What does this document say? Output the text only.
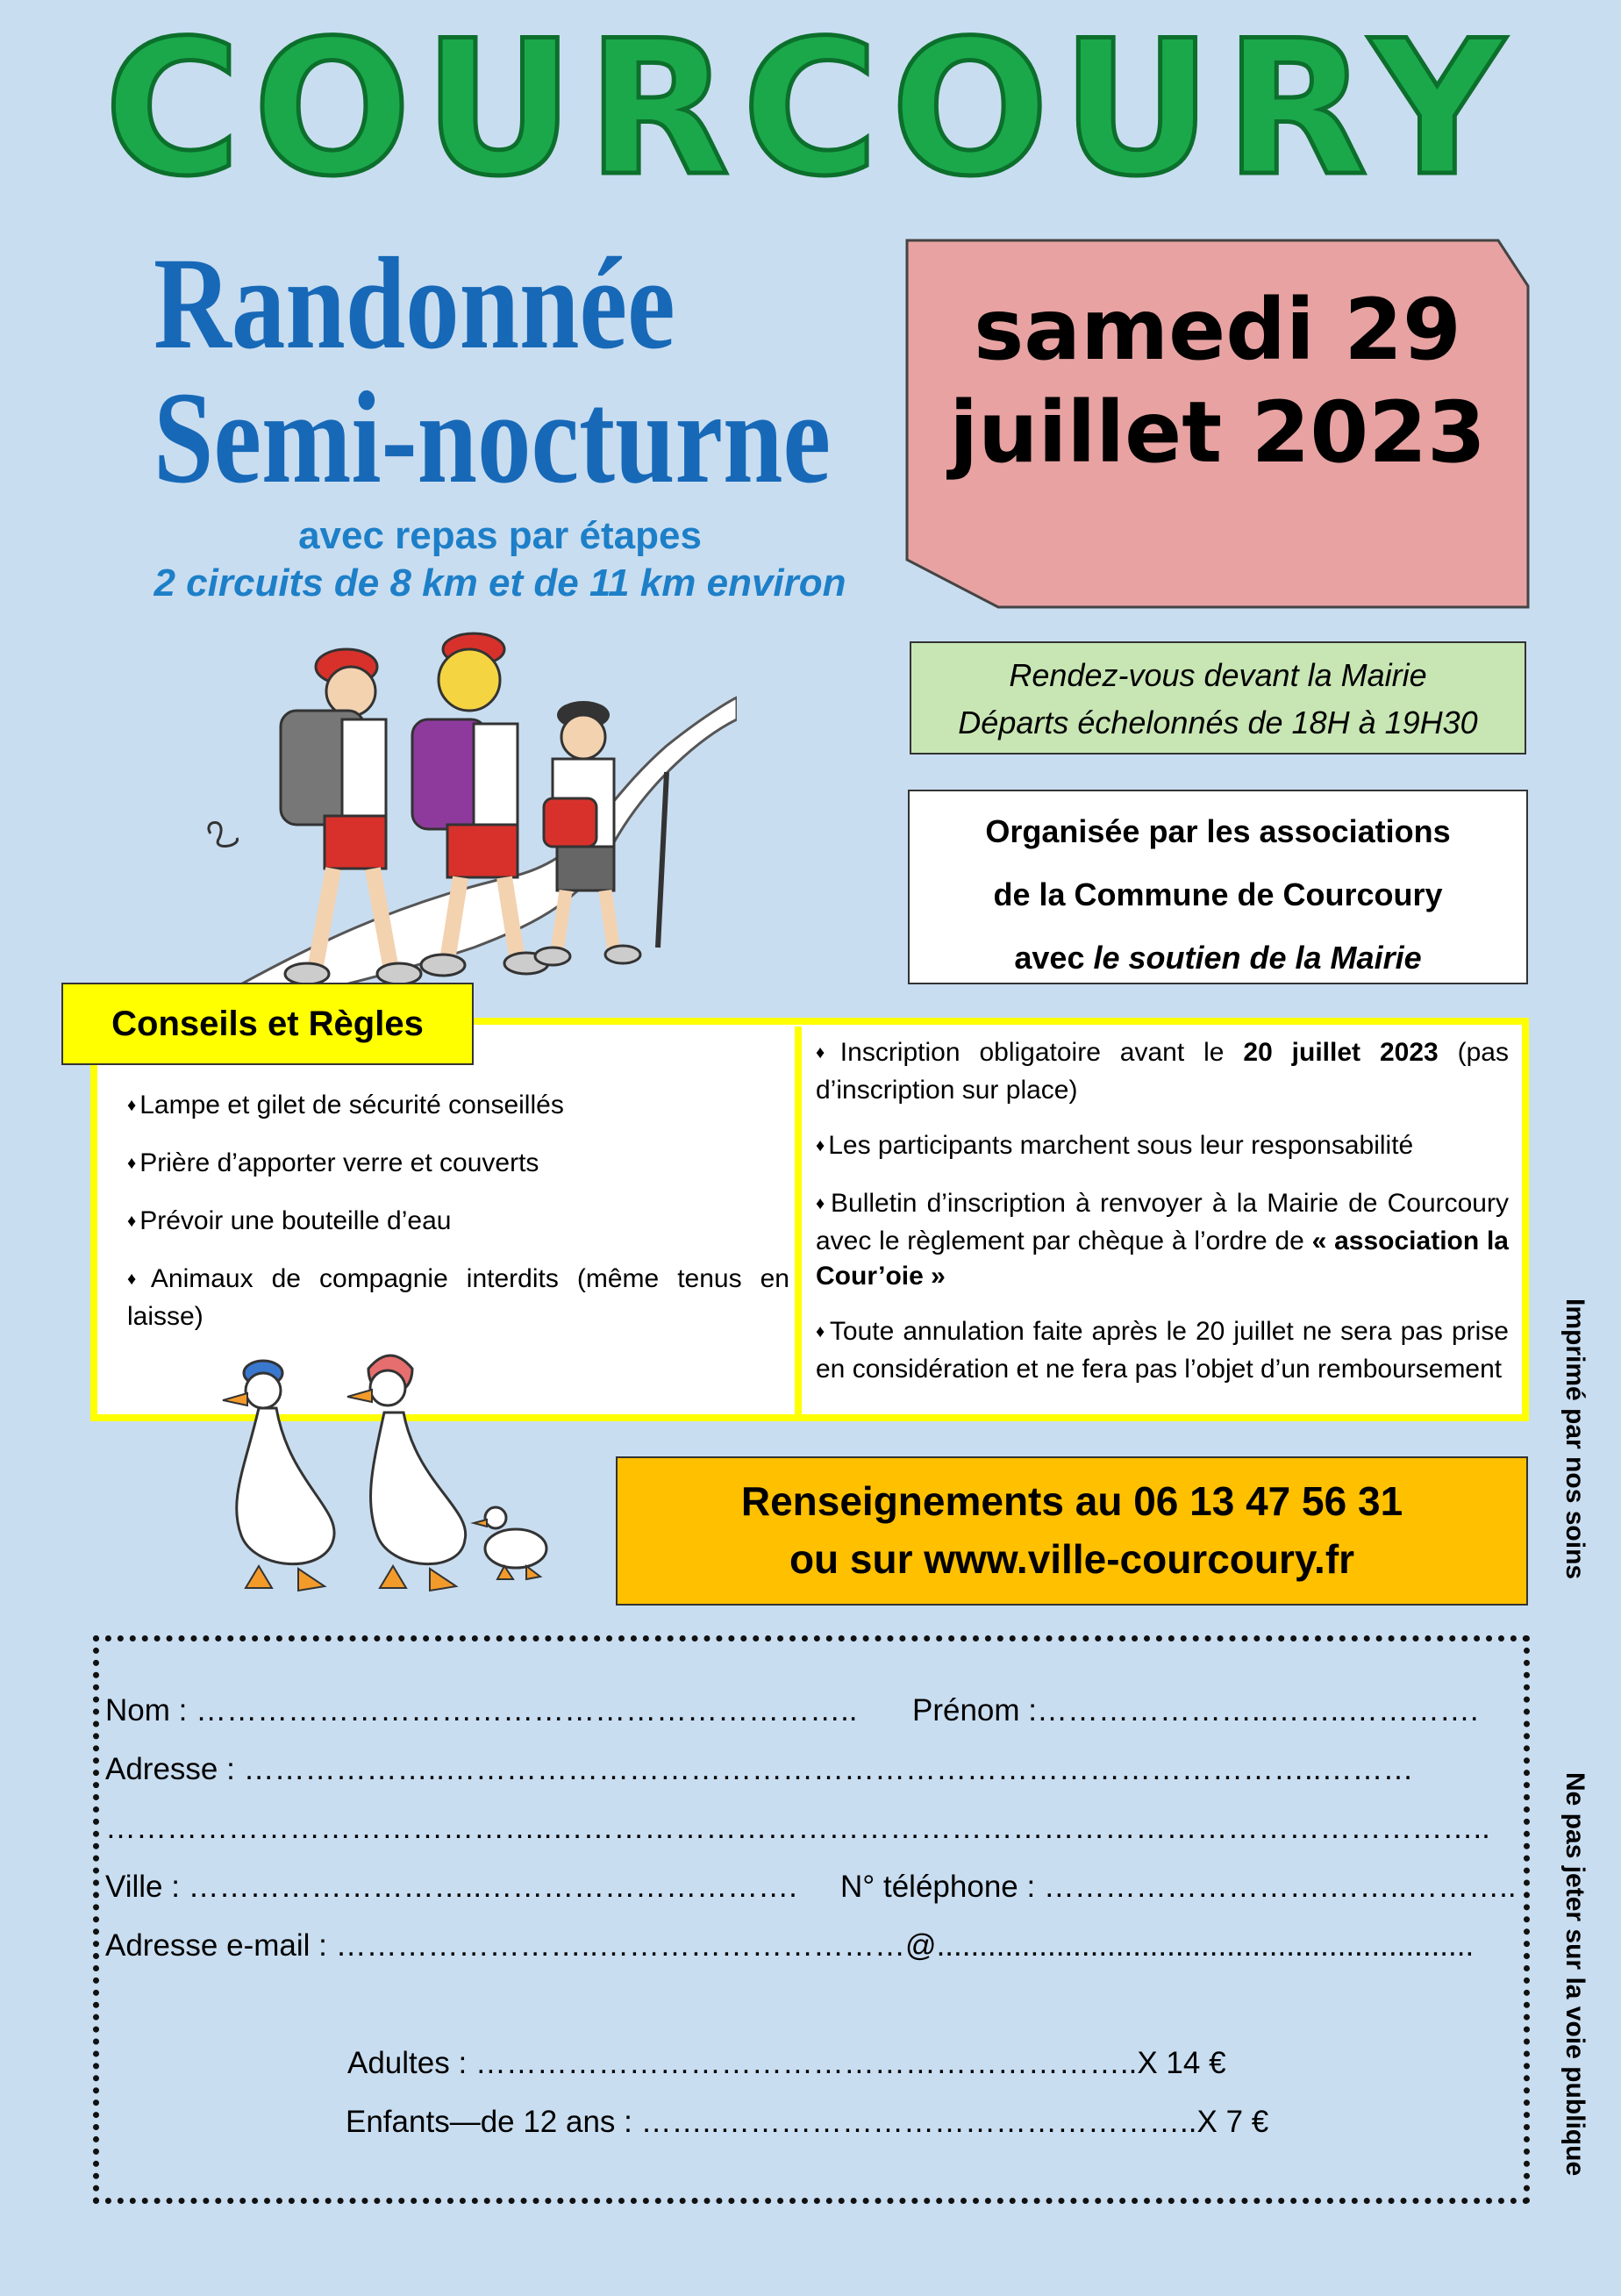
COURCOURY
Randonnée
Semi-nocturne
avec repas par étapes
2 circuits de 8 km et de 11 km environ
samedi 29
juillet 2023
Rendez-vous devant la Mairie
Départs échelonnés de 18H à 19H30
Organisée par les associations
de la Commune de Courcoury
avec le soutien de la Mairie
Conseils et Règles
♦ Lampe et gilet de sécurité conseillés
♦ Prière d’apporter verre et couverts
♦ Prévoir une bouteille d’eau
♦ Animaux de compagnie interdits (même tenus en laisse)
♦ Inscription obligatoire avant le 20 juillet 2023 (pas d’inscription sur place)
♦ Les participants marchent sous leur responsabilité
♦ Bulletin d’inscription à renvoyer à la Mairie de Courcoury avec le règlement par chèque à l’ordre de « association la Cour’oie »
♦ Toute annulation faite après le 20 juillet ne sera pas prise en considération et ne fera pas l’objet d’un remboursement
Renseignements au 06 13 47 56 31
ou sur www.ville-courcoury.fr
Nom : ……………………………………………………….. Prénom :…………………..……..………….
Adresse : ………………..…………………………………………………………………………..………
……………………………………..………………………………………………………………………………..
Ville : ………………………..…………………………. N° téléphone : ……………………….……..………..
Adresse e-mail : ……………………..…………………………@...............................................................
Adultes : ………………………………………………………..X 14 €
Enfants—de 12 ans : ……..………………………………………..X 7 €
Imprimé par nos soins
Ne pas jeter sur la voie publique
